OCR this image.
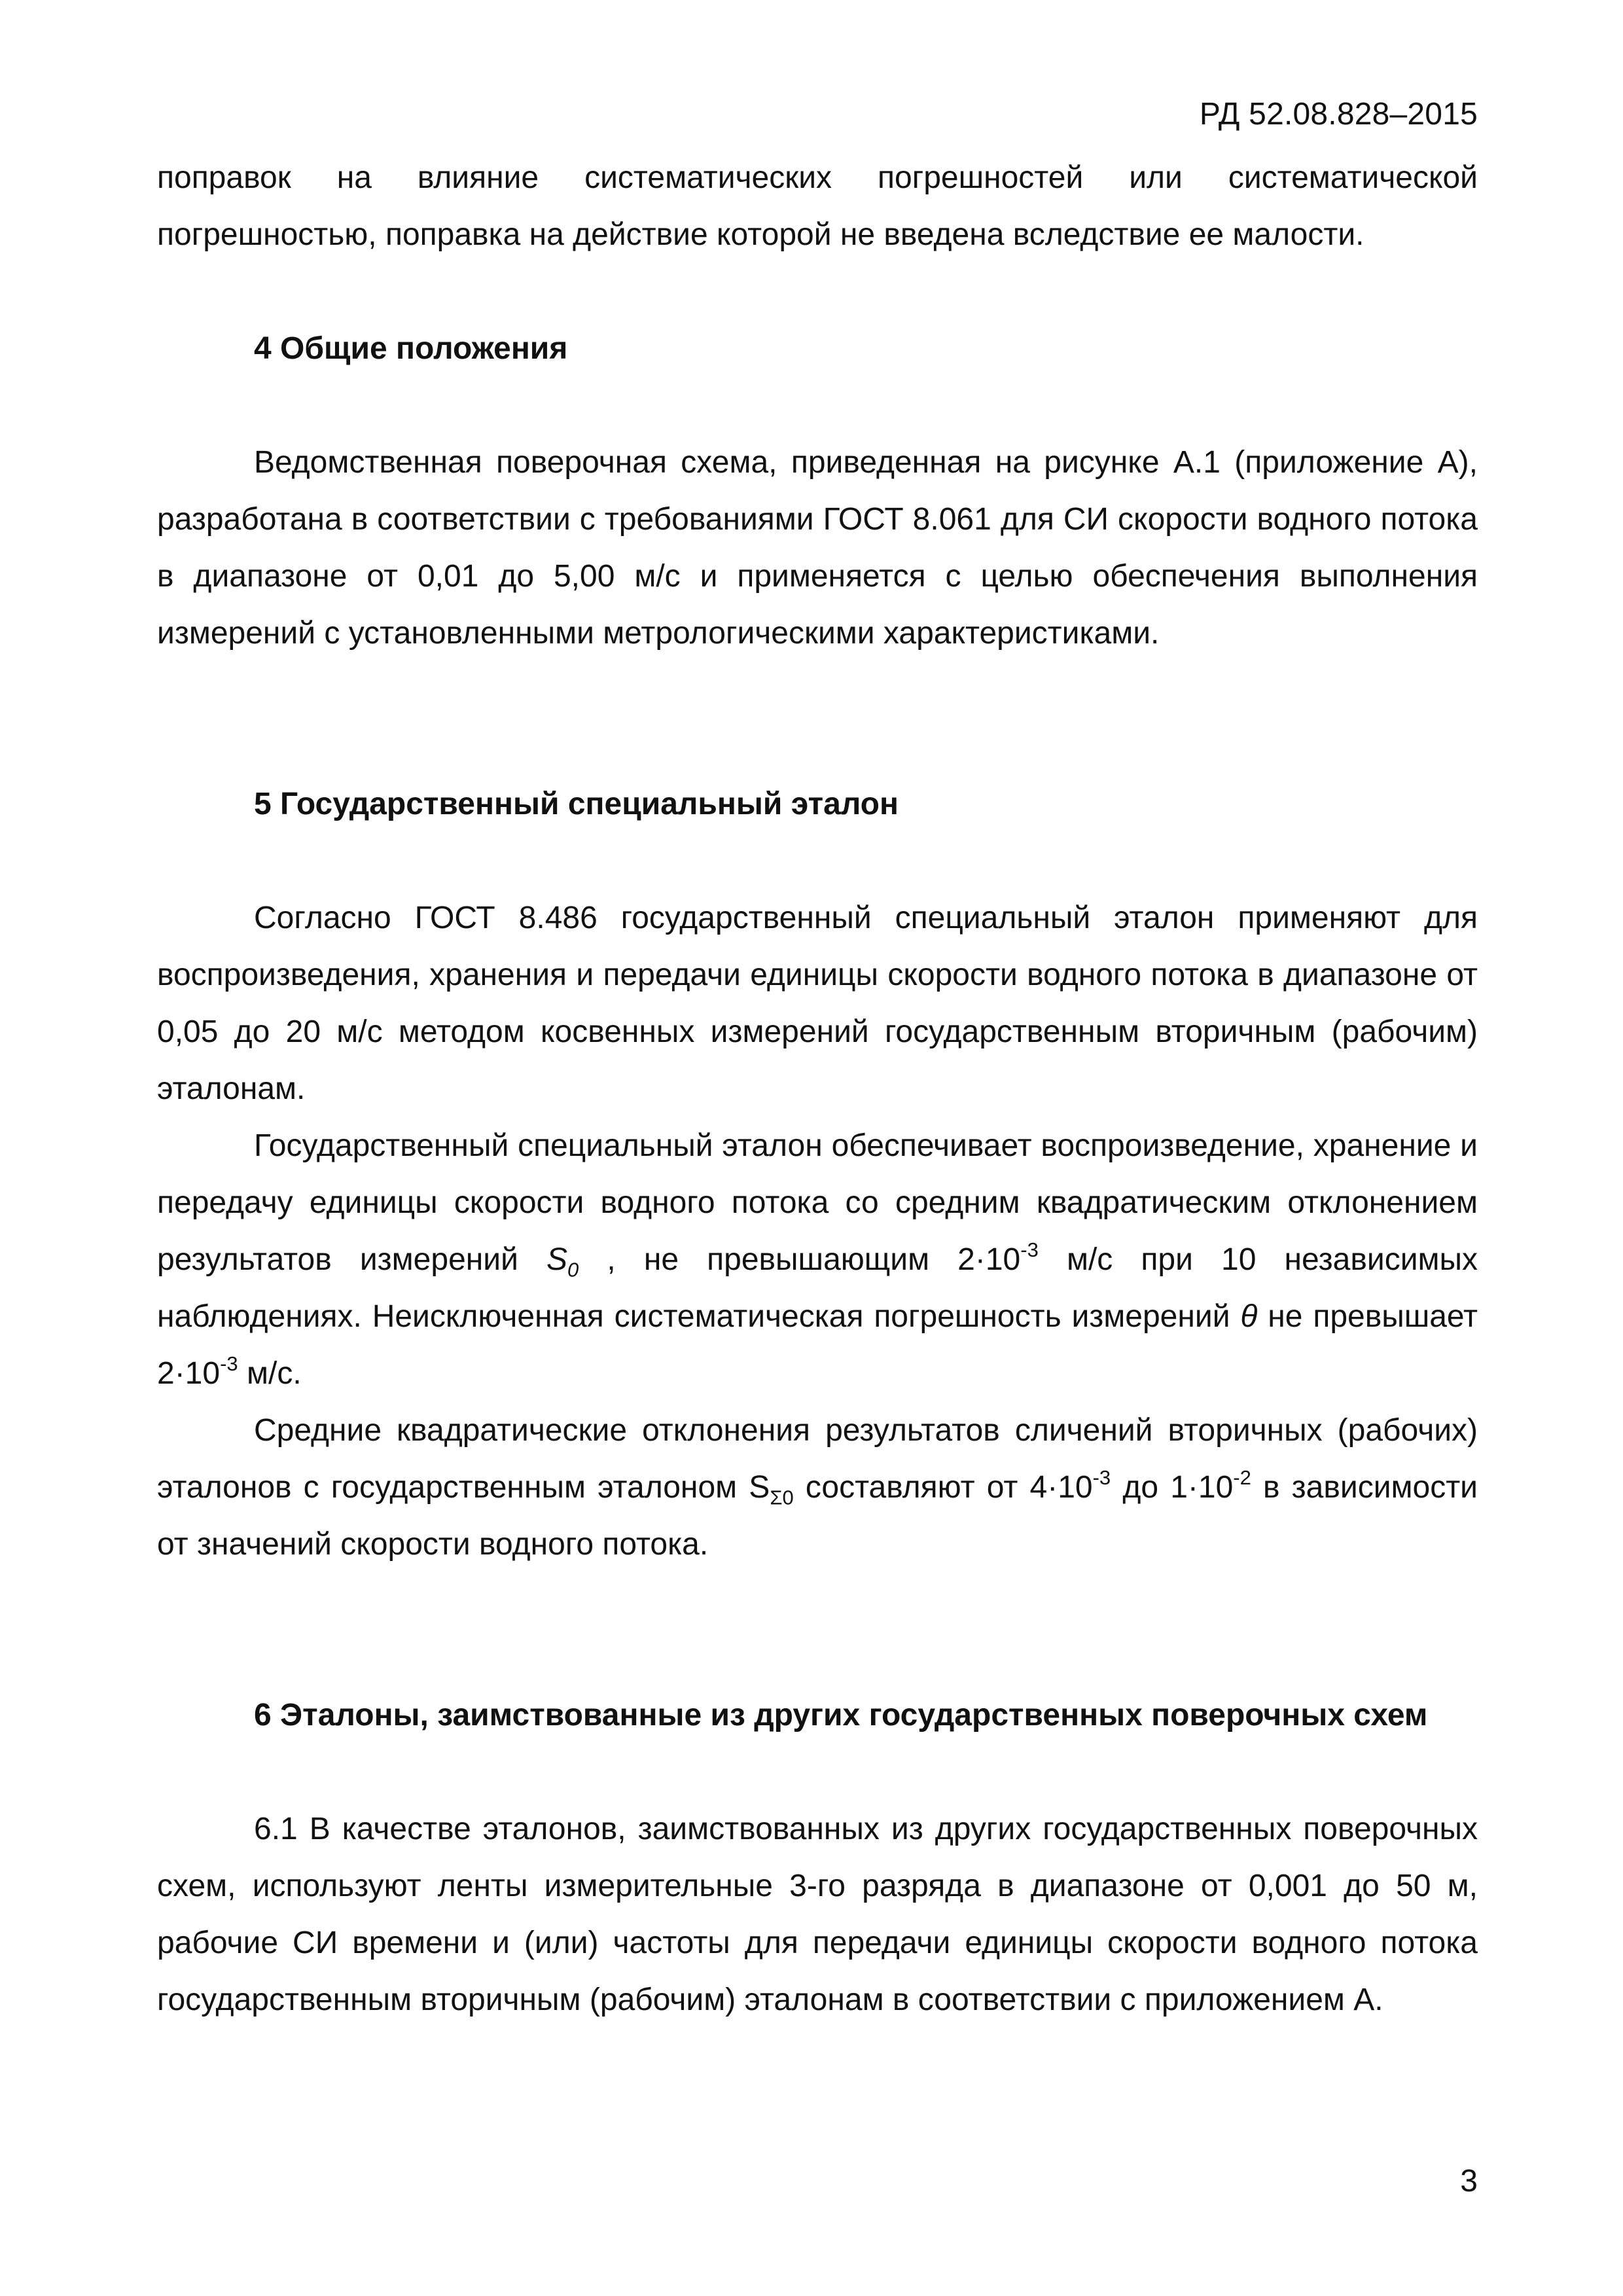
РД 52.08.828–2015

поправок на влияние систематических погрешностей или систематической погрешностью, поправка на действие которой не введена вследствие ее малости.

4 Общие положения

Ведомственная поверочная схема, приведенная на рисунке А.1 (приложение А), разработана в соответствии с требованиями ГОСТ 8.061 для СИ скорости водного потока в диапазоне от 0,01 до 5,00 м/с и применяется с целью обеспечения выполнения измерений с установленными метрологическими характеристиками.

5 Государственный специальный эталон

Согласно ГОСТ 8.486 государственный специальный эталон применяют для воспроизведения, хранения и передачи единицы скорости водного потока в диапазоне от 0,05 до 20 м/с методом косвенных измерений государственным вторичным (рабочим) эталонам.

Государственный специальный эталон обеспечивает воспроизведение, хранение и передачу единицы скорости водного потока со средним квадратическим отклонением результатов измерений $S_0$ , не превышающим $2\cdot 10^{-3}$ м/с при 10 независимых наблюдениях. Неисключенная систематическая погрешность измерений θ не превышает $2\cdot 10^{-3}$ м/с.

Средние квадратические отклонения результатов сличений вторичных (рабочих) эталонов с государственным эталоном $S_{\Sigma 0}$ составляют от $4\cdot 10^{-3}$ до $1\cdot 10^{-2}$ в зависимости от значений скорости водного потока.

6 Эталоны, заимствованные из других государственных поверочных схем

6.1 В качестве эталонов, заимствованных из других государственных поверочных схем, используют ленты измерительные 3-го разряда в диапазоне от 0,001 до 50 м, рабочие СИ времени и (или) частоты для передачи единицы скорости водного потока государственным вторичным (рабочим) эталонам в соответствии с приложением А.

3
